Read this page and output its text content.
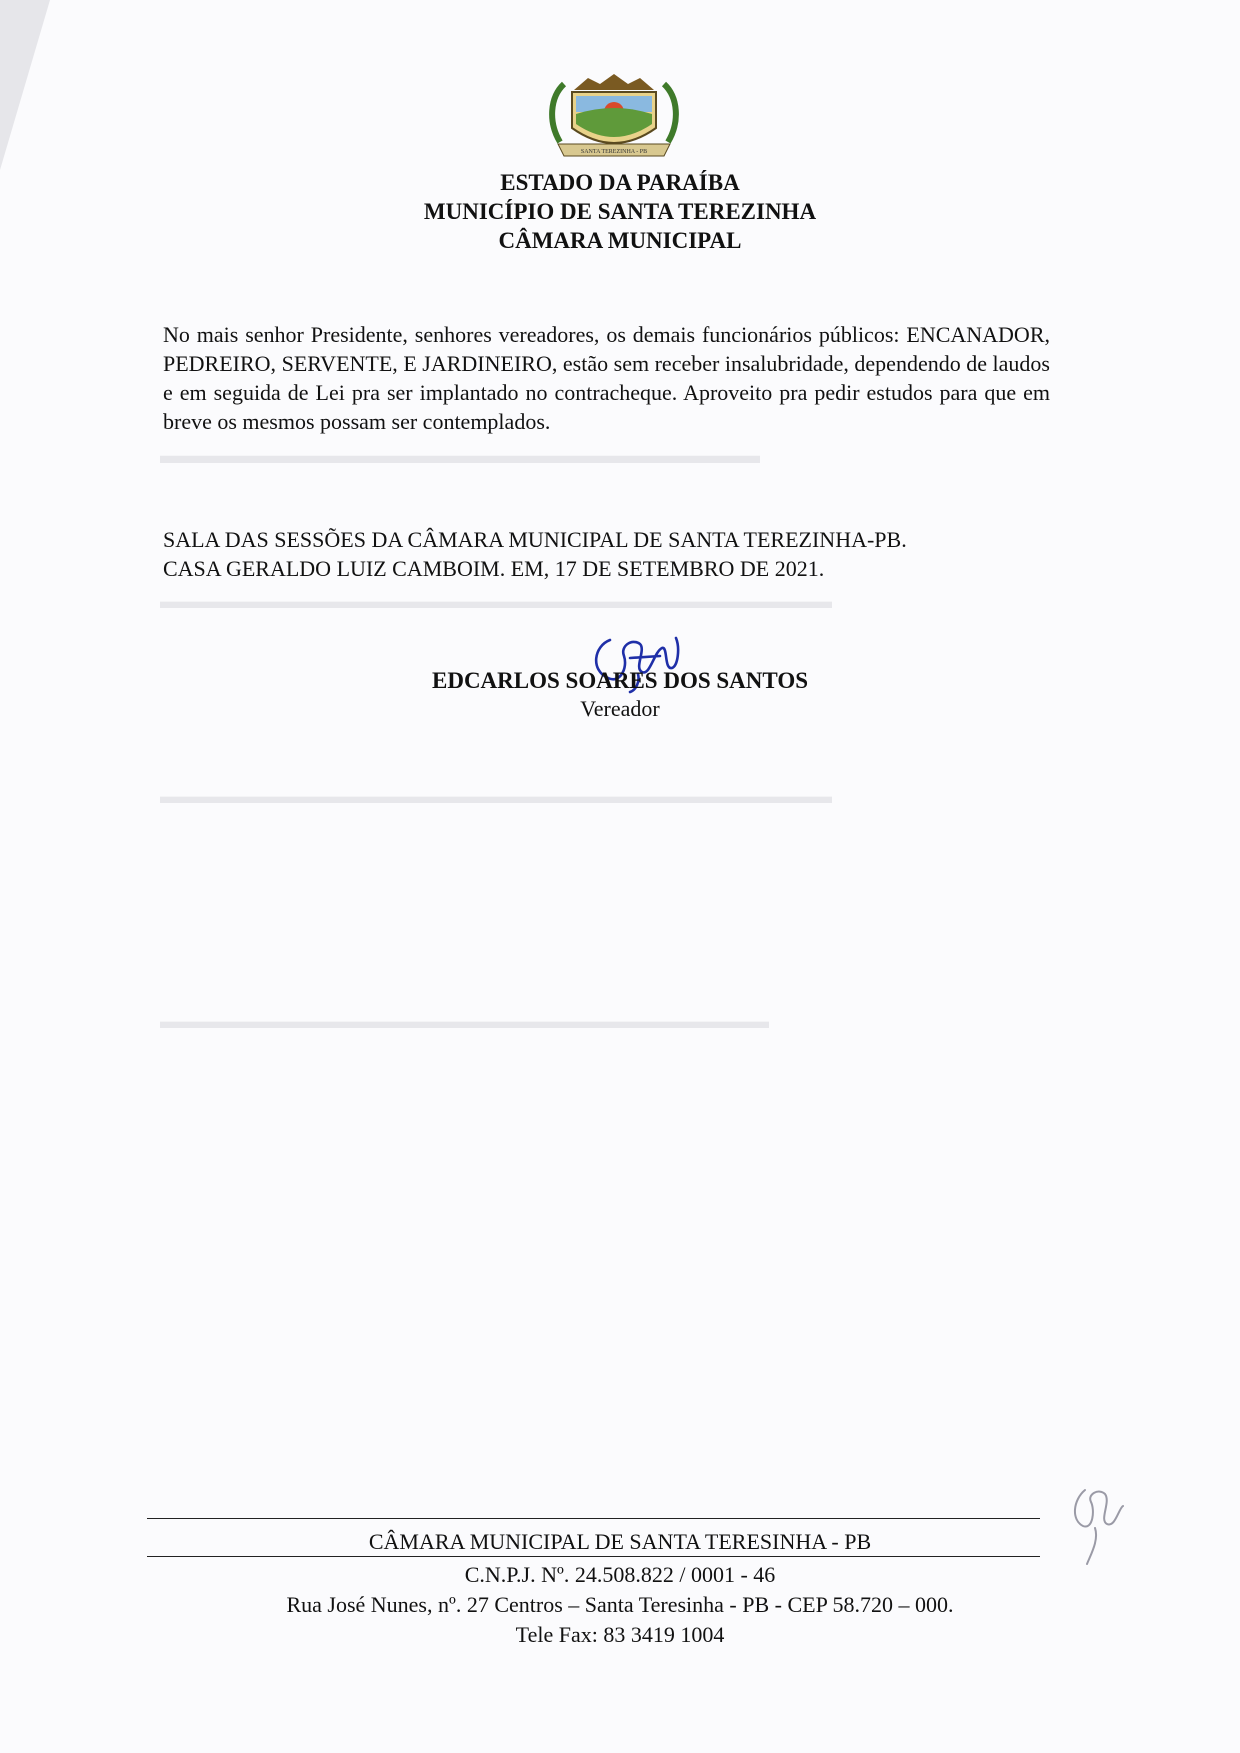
▬▬▬▬▬▬▬▬▬▬▬▬▬▬▬▬▬▬▬▬▬▬▬▬▬
▬▬▬▬▬▬▬▬▬▬▬▬▬▬▬▬▬▬▬▬▬▬▬▬▬▬▬▬▬▬▬▬
▬▬▬▬▬▬▬▬▬▬▬▬▬▬▬▬▬▬▬▬▬▬▬▬▬▬▬▬▬▬▬▬
▬▬▬▬▬▬▬▬▬▬▬▬▬▬▬▬▬▬▬▬▬▬▬▬▬▬▬▬▬
SANTA TEREZINHA - PB
ESTADO DA PARAÍBA
MUNICÍPIO DE SANTA TEREZINHA
CÂMARA MUNICIPAL
No mais senhor Presidente, senhores vereadores, os demais funcionários públicos: ENCANADOR, PEDREIRO, SERVENTE, E JARDINEIRO, estão sem receber insalubridade, dependendo de laudos e em seguida de Lei pra ser implantado no contracheque. Aproveito pra pedir estudos para que em breve os mesmos possam ser contemplados.
SALA DAS SESSÕES DA CÂMARA MUNICIPAL DE SANTA TEREZINHA-PB.
CASA GERALDO LUIZ CAMBOIM. EM, 17 DE SETEMBRO DE 2021.
EDCARLOS SOARES DOS SANTOS
Vereador
CÂMARA MUNICIPAL DE SANTA TERESINHA - PB
C.N.P.J. Nº. 24.508.822 / 0001 - 46
Rua José Nunes, nº. 27 Centros – Santa Teresinha - PB - CEP 58.720 – 000.
Tele Fax: 83 3419 1004
